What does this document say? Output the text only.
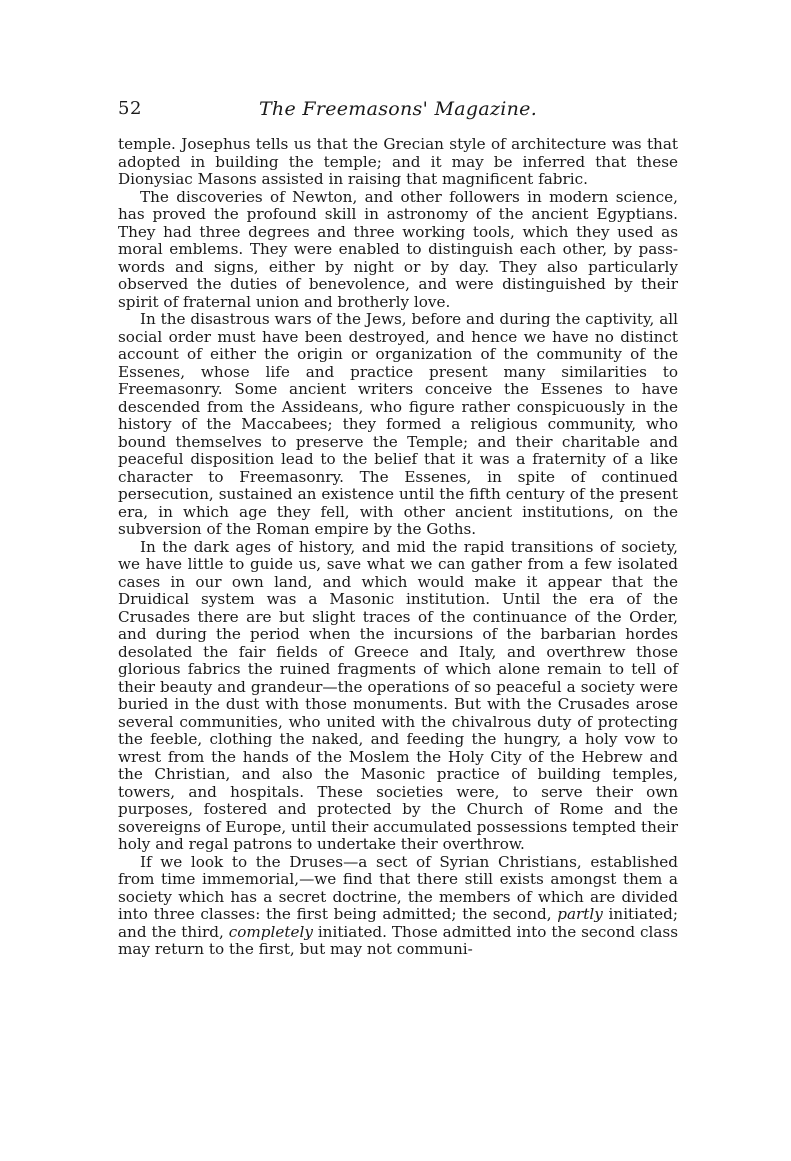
52	The Freemasons' Magazine.

temple. Josephus tells us that the Grecian style of architecture was that adopted in building the temple; and it may be inferred that these Dionysiac Masons assisted in raising that magnificent fabric.

The discoveries of Newton, and other followers in modern science, has proved the profound skill in astronomy of the ancient Egyptians. They had three degrees and three working tools, which they used as moral emblems. They were enabled to distinguish each other, by pass-words and signs, either by night or by day. They also particularly observed the duties of benevolence, and were distinguished by their spirit of fraternal union and brotherly love.

In the disastrous wars of the Jews, before and during the captivity, all social order must have been destroyed, and hence we have no distinct account of either the origin or organization of the community of the Essenes, whose life and practice present many similarities to Freemasonry. Some ancient writers conceive the Essenes to have descended from the Assideans, who figure rather conspicuously in the history of the Maccabees; they formed a religious community, who bound themselves to preserve the Temple; and their charitable and peaceful disposition lead to the belief that it was a fraternity of a like character to Freemasonry. The Essenes, in spite of continued persecution, sustained an existence until the fifth century of the present era, in which age they fell, with other ancient institutions, on the subversion of the Roman empire by the Goths.

In the dark ages of history, and mid the rapid transitions of society, we have little to guide us, save what we can gather from a few isolated cases in our own land, and which would make it appear that the Druidical system was a Masonic institution. Until the era of the Crusades there are but slight traces of the continuance of the Order, and during the period when the incursions of the barbarian hordes desolated the fair fields of Greece and Italy, and overthrew those glorious fabrics the ruined fragments of which alone remain to tell of their beauty and grandeur—the operations of so peaceful a society were buried in the dust with those monuments. But with the Crusades arose several communities, who united with the chivalrous duty of protecting the feeble, clothing the naked, and feeding the hungry, a holy vow to wrest from the hands of the Moslem the Holy City of the Hebrew and the Christian, and also the Masonic practice of building temples, towers, and hospitals. These societies were, to serve their own purposes, fostered and protected by the Church of Rome and the sovereigns of Europe, until their accumulated possessions tempted their holy and regal patrons to undertake their overthrow.

If we look to the Druses—a sect of Syrian Christians, established from time immemorial,—we find that there still exists amongst them a society which has a secret doctrine, the members of which are divided into three classes: the first being admitted; the second, partly initiated; and the third, completely initiated. Those admitted into the second class may return to the first, but may not communi-
